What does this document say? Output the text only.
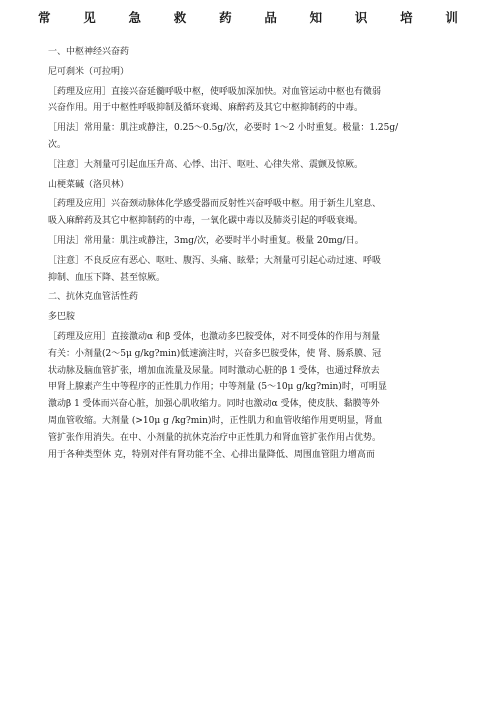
常	见	急	救	药	品	知	识	培	训

一、中枢神经兴奋药

尼可刹米（可拉明）

［药理及应用］直接兴奋延髓呼吸中枢，使呼吸加深加快。对血管运动中枢也有微弱
兴奋作用。用于中枢性呼吸抑制及循环衰竭、麻醉药及其它中枢抑制药的中毒。

［用法］常用量：肌注或静注，0.25～0.5g/次，必要时 1～2 小时重复。极量：1.25g/
次。

［注意］大剂量可引起血压升高、心悸、出汗、呕吐、心律失常、震颤及惊厥。

山梗菜碱（洛贝林）

［药理及应用］兴奋颈动脉体化学感受器而反射性兴奋呼吸中枢。用于新生儿窒息、
吸入麻醉药及其它中枢抑制药的中毒，一氧化碳中毒以及肺炎引起的呼吸衰竭。

［用法］常用量：肌注或静注，3mg/次，必要时半小时重复。极量 20mg/日。

［注意］不良反应有恶心、呕吐、腹泻、头痛、眩晕；大剂量可引起心动过速、呼吸
抑制、血压下降、甚至惊厥。

二、抗休克血管活性药

多巴胺

［药理及应用］直接激动α 和β 受体，也激动多巴胺受体，对不同受体的作用与剂量
有关：小剂量(2～5μ g/kg?min)低速滴注时，兴奋多巴胺受体，使 肾、肠系膜、冠
状动脉及脑血管扩张，增加血流量及尿量。同时激动心脏的β 1 受体，也通过释放去
甲肾上腺素产生中等程序的正性肌力作用；中等剂量 (5～10μ g/kg?min)时，可明显
激动β 1 受体而兴奋心脏，加强心肌收缩力。同时也激动α 受体，使皮肤、黏膜等外
周血管收缩。大剂量 (>10μ g /kg?min)时，正性肌力和血管收缩作用更明显，肾血
管扩张作用消失。在中、小剂量的抗休克治疗中正性肌力和肾血管扩张作用占优势。
用于各种类型休 克，特别对伴有肾功能不全、心排出量降低、周围血管阻力增高而
